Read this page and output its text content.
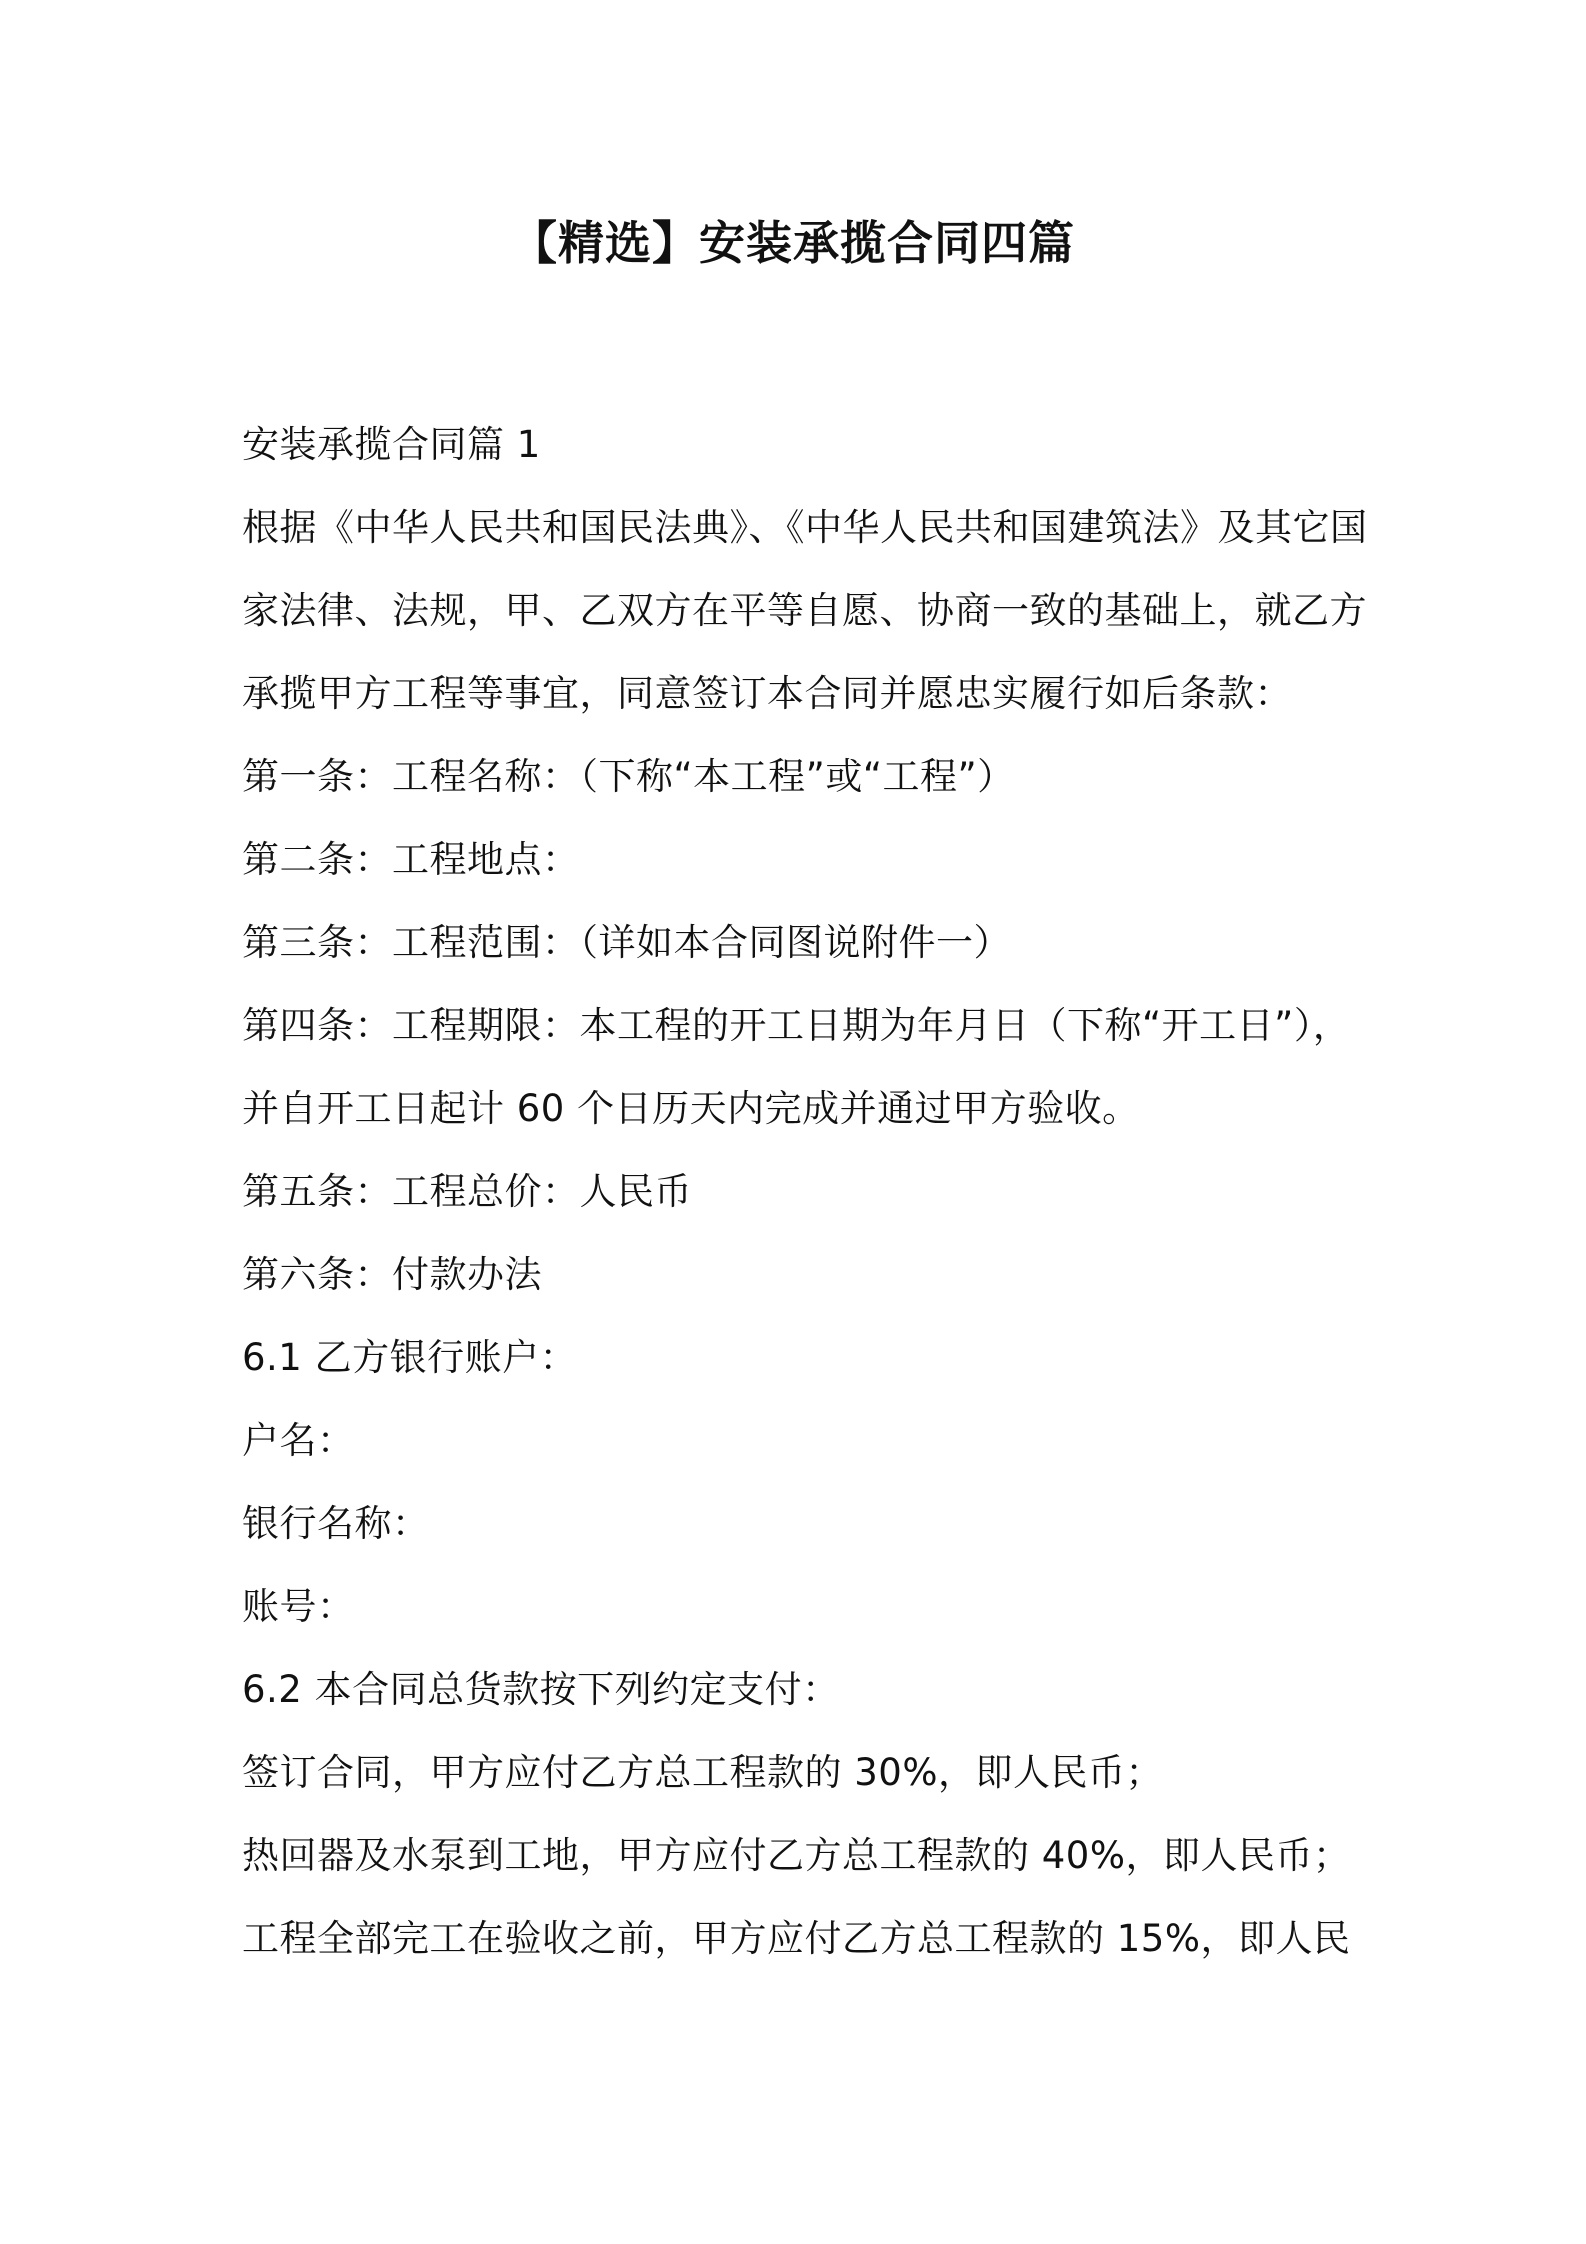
【精选】安装承揽合同四篇
安装承揽合同篇 1
根据《中华人民共和国民法典》、《中华人民共和国建筑法》及其它国
家法律、法规，甲、乙双方在平等自愿、协商一致的基础上，就乙方
承揽甲方工程等事宜，同意签订本合同并愿忠实履行如后条款：
第一条：工程名称：（下称“本工程”或“工程”）
第二条：工程地点：
第三条：工程范围：（详如本合同图说附件一）
第四条：工程期限：本工程的开工日期为年月日（下称“开工日”），
并自开工日起计 60 个日历天内完成并通过甲方验收。
第五条：工程总价：人民币
第六条：付款办法
6.1 乙方银行账户：
户名：
银行名称：
账号：
6.2 本合同总货款按下列约定支付：
签订合同，甲方应付乙方总工程款的 30%，即人民币；
热回器及水泵到工地，甲方应付乙方总工程款的 40%，即人民币；
工程全部完工在验收之前，甲方应付乙方总工程款的 15%，即人民
